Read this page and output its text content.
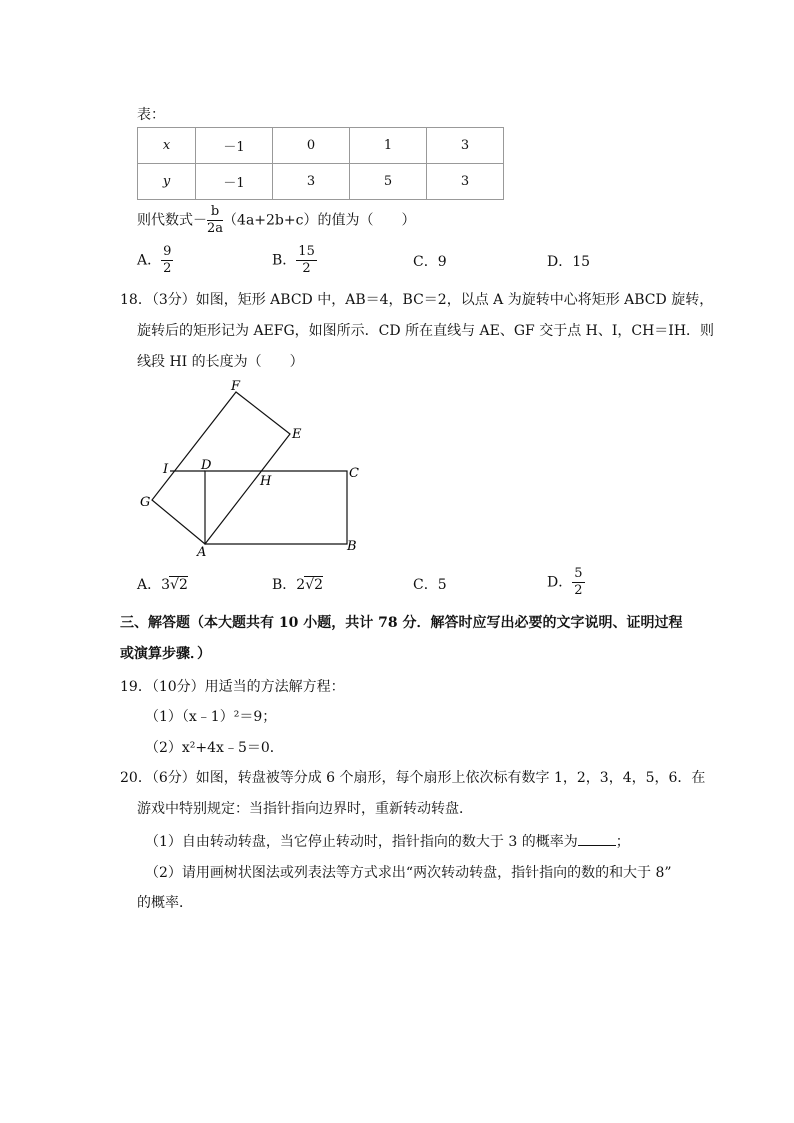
表：
x	－1	0	1	3
y	－1	3	5	3
则代数式－ $\frac{b}{2a} (4a+2b+c)$的值为（　　）
A． $\frac{9}{2}$	B． $\frac{15}{2}$	C．9	D．15
18．（3分）如图，矩形 ABCD 中，AB＝4，BC＝2，以点 A 为旋转中心将矩形 ABCD 旋转，
旋转后的矩形记为 AEFG，如图所示．CD 所在直线与 AE、GF 交于点 H、I，CH＝IH．则
线段 HI 的长度为（　　）
F
E
I	D
H
C
G
A	B
A．3√2	B．2√2	C．5	D． $\frac{5}{2}$
三、解答题（本大题共有 10 小题，共计 78 分．解答时应写出必要的文字说明、证明过程
或演算步骤．）
19．（10分）用适当的方法解方程：
（1）（x﹣1）²＝9；
（2）x²+4x﹣5＝0．
20．（6分）如图，转盘被等分成 6 个扇形，每个扇形上依次标有数字 1，2，3，4，5，6．在
游戏中特别规定：当指针指向边界时，重新转动转盘．
（1）自由转动转盘，当它停止转动时，指针指向的数大于 3 的概率为	；
（2）请用画树状图法或列表法等方式求出“两次转动转盘，指针指向的数的和大于 8”
的概率．
